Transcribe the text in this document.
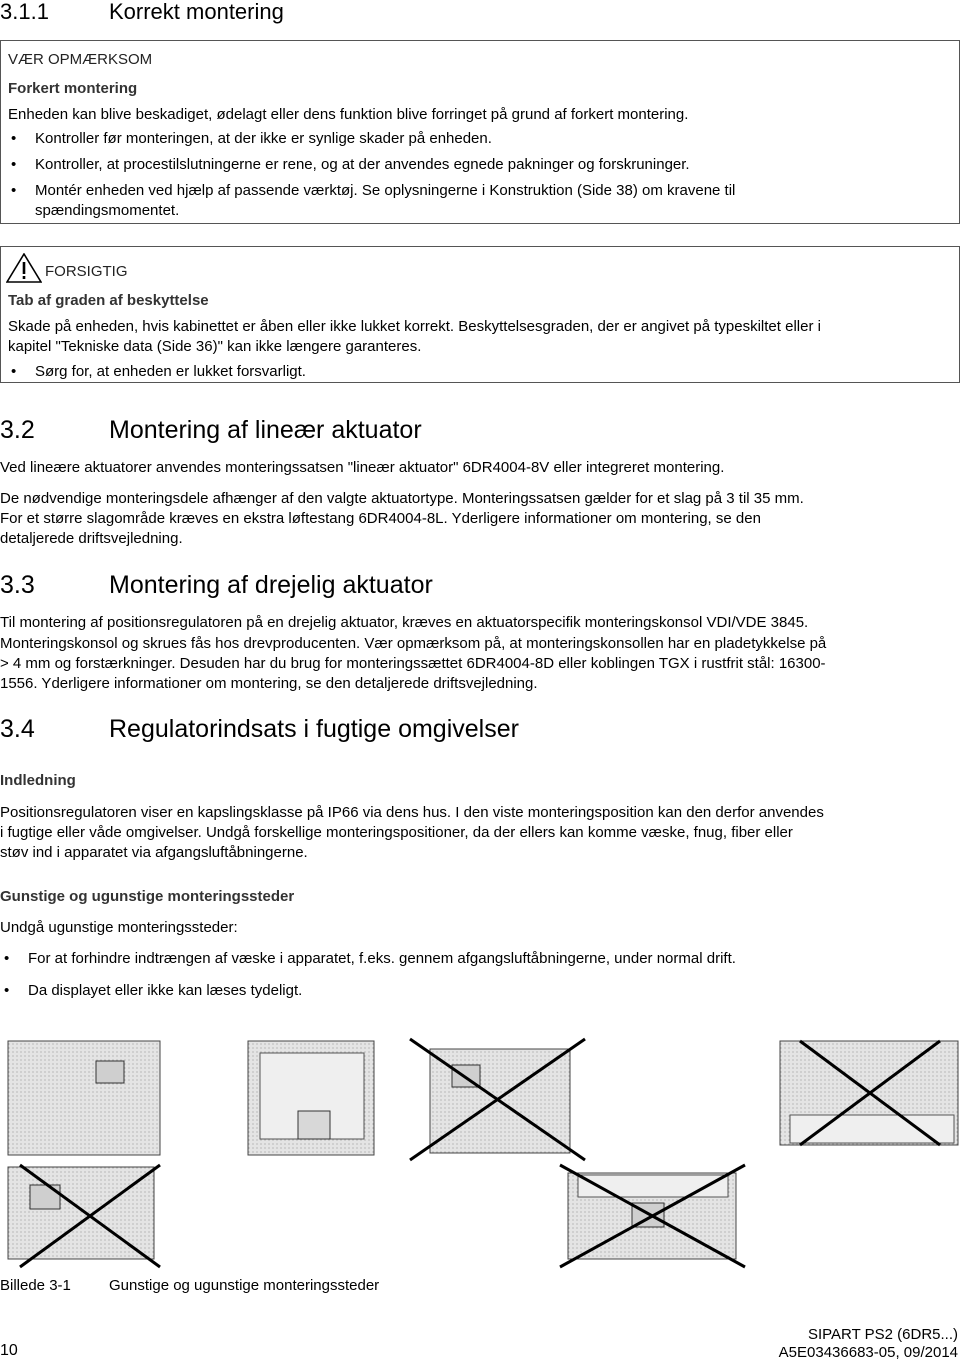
3.1.1	Korrekt montering
VÆR OPMÆRKSOM
Forkert montering
Enheden kan blive beskadiget, ødelagt eller dens funktion blive forringet på grund af forkert montering.
• Kontroller før monteringen, at der ikke er synlige skader på enheden.
• Kontroller, at procestilslutningerne er rene, og at der anvendes egnede pakninger og forskruninger.
• Montér enheden ved hjælp af passende værktøj. Se oplysningerne i Konstruktion (Side 38) om kravene til
spændingsmomentet.
FORSIGTIG
Tab af graden af beskyttelse
Skade på enheden, hvis kabinettet er åben eller ikke lukket korrekt. Beskyttelsesgraden, der er angivet på typeskiltet eller i
kapitel "Tekniske data (Side 36)" kan ikke længere garanteres.
• Sørg for, at enheden er lukket forsvarligt.
3.2	Montering af lineær aktuator
Ved lineære aktuatorer anvendes monteringssatsen "lineær aktuator" 6DR4004-8V eller integreret montering.
De nødvendige monteringsdele afhænger af den valgte aktuatortype. Monteringssatsen gælder for et slag på 3 til 35 mm.
For et større slagområde kræves en ekstra løftestang 6DR4004-8L. Yderligere informationer om montering, se den
detaljerede driftsvejledning.
3.3	Montering af drejelig aktuator
Til montering af positionsregulatoren på en drejelig aktuator, kræves en aktuatorspecifik monteringskonsol VDI/VDE 3845.
Monteringskonsol og skrues fås hos drevproducenten. Vær opmærksom på, at monteringskonsollen har en pladetykkelse på
> 4 mm og forstærkninger. Desuden har du brug for monteringssættet 6DR4004-8D eller koblingen TGX i rustfrit stål: 16300-
1556. Yderligere informationer om montering, se den detaljerede driftsvejledning.
3.4	Regulatorindsats i fugtige omgivelser
Indledning
Positionsregulatoren viser en kapslingsklasse på IP66 via dens hus. I den viste monteringsposition kan den derfor anvendes
i fugtige eller våde omgivelser. Undgå forskellige monteringspositioner, da der ellers kan komme væske, fnug, fiber eller
støv ind i apparatet via afgangsluftåbningerne.
Gunstige og ugunstige monteringssteder
Undgå ugunstige monteringssteder:
• For at forhindre indtrængen af væske i apparatet, f.eks. gennem afgangsluftåbningerne, under normal drift.
• Da displayet eller ikke kan læses tydeligt.
Billede 3-1	Gunstige og ugunstige monteringssteder
10
SIPART PS2 (6DR5...)
A5E03436683-05, 09/2014
